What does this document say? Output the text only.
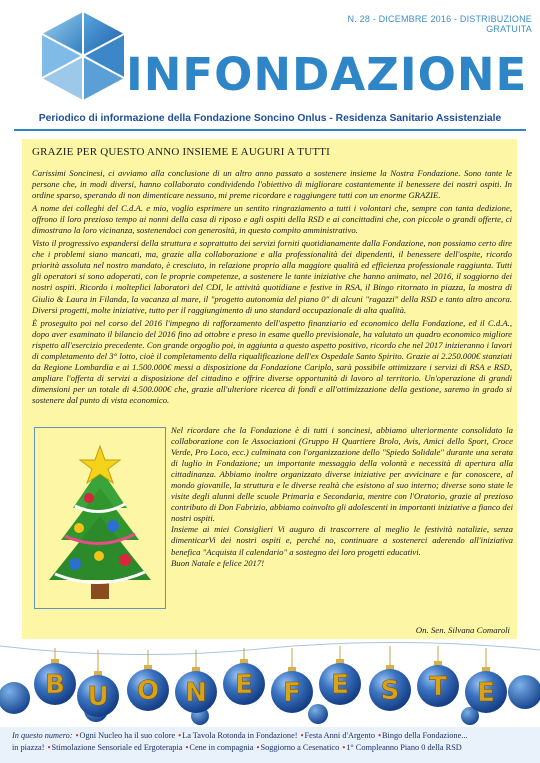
N. 28 - DICEMBRE 2016 - DISTRIBUZIONE GRATUITA
INFONDAZIONE
Periodico di informazione della Fondazione Soncino Onlus - Residenza Sanitario Assistenziale
GRAZIE PER QUESTO ANNO INSIEME E AUGURI A TUTTI

Carissimi Soncinesi, ci avviamo alla conclusione di un altro anno passato a sostenere insieme la Nostra Fondazione. Sono tante le persone che, in modi diversi, hanno collaborato condividendo l'obiettivo di migliorare costantemente il benessere dei nostri ospiti. In ordine sparso, sperando di non dimenticare nessuno, mi preme ricordare e raggiungere tutti con un enorme GRAZIE.

A nome dei colleghi del C.d.A. e mio, voglio esprimere un sentito ringraziamento a tutti i volontari che, sempre con tanta dedizione, offrono il loro prezioso tempo ai nonni della casa di riposo e agli ospiti della RSD e ai concittadini che, con piccole o grandi offerte, ci dimostrano la loro vicinanza, sostenendoci con generosità, in questo compito amministrativo.

Visto il progressivo espandersi della struttura e soprattutto dei servizi forniti quotidianamente dalla Fondazione, non possiamo certo dire che i problemi siano mancati, ma, grazie alla collaborazione e alla professionalità dei dipendenti, il benessere dell'ospite, ricordo priorità assoluta nel nostro mandato, è cresciuto, in relazione proprio alla maggiore qualità ed efficienza professionale raggiunta. Tutti gli operatori si sono adoperati, con le proprie competenze, a sostenere le tante iniziative che hanno animato, nel 2016, il soggiorno dei nostri ospiti. Ricordo i molteplici laboratori del CDI, le attività quotidiane e festive in RSA, il Bingo ritornato in piazza, la mostra di Giulio & Laura in Filanda, la vacanza al mare, il "progetto autonomia del piano 0" di alcuni "ragazzi" della RSD e tanto altro ancora. Diversi progetti, molte iniziative, tutto per il raggiungimento di uno standard occupazionale di alta qualità.

È proseguito poi nel corso del 2016 l'impegno di rafforzamento dell'aspetto finanziario ed economico della Fondazione, ed il C.d.A., dopo aver esaminato il bilancio del 2016 fino ad ottobre e preso in esame quello previsionale, ha valutato un quadro economico migliore rispetto all'esercizio precedente. Con grande orgoglio poi, in aggiunta a questo aspetto positivo, ricordo che nel 2017 inizieranno i lavori di completamento del 3° lotto, cioè il completamento della riqualificazione dell'ex Ospedale Santo Spirito. Grazie ai 2.250.000€ stanziati da Regione Lombardia e ai 1.500.000€ messi a disposizione da Fondazione Cariplo, sarà possibile ottimizzare i servizi di RSA e RSD, ampliare l'offerta di servizi a disposizione del cittadino e offrire diverse opportunità di lavoro al territorio. Un'operazione di grandi dimensioni per un totale di 4.500.000€ che, grazie all'ulteriore ricerca di fondi e all'ottimizzazione della gestione, saremo in grado si sostenere dal punto di vista economico.

Nel ricordare che la Fondazione è di tutti i soncinesi, abbiamo ulteriormente consolidato la collaborazione con le Associazioni (Gruppo H Quartiere Brolo, Avis, Amici dello Sport, Croce Verde, Pro Loco, ecc.) culminata con l'organizzazione dello "Spiedo Solidale" durante una serata di luglio in Fondazione; un importante messaggio della volontà e necessità di apertura alla cittadinanza. Abbiamo inoltre organizzato diverse iniziative per avvicinare e far conoscere, al mondo giovanile, la struttura e le diverse realtà che esistono al suo interno; diverse sono state le visite degli alunni delle scuole Primaria e Secondaria, mentre con l'Oratorio, grazie al prezioso contributo di Don Fabrizio, abbiamo coinvolto gli adolescenti in importanti iniziative a fianco dei nostri ospiti.

Insieme ai miei Consiglieri Vi auguro di trascorrere al meglio le festività natalizie, senza dimenticarVi dei nostri ospiti e, perché no, continuare a sostenerci aderendo all'iniziativa benefica "Acquista il calendario" a sostegno dei loro progetti educativi.

Buon Natale e felice 2017!

On. Sen. Silvana Comaroli
B U O N E F E S T E
In questo numero: •Ogni Nucleo ha il suo colore •La Tavola Rotonda in Fondazione! •Festa Anni d'Argento •Bingo della Fondazione...
in piazza! •Stimolazione Sensoriale ed Ergoterapia •Cene in compagnia •Soggiorno a Cesenatico •1° Compleanno Piano 0 della RSD
